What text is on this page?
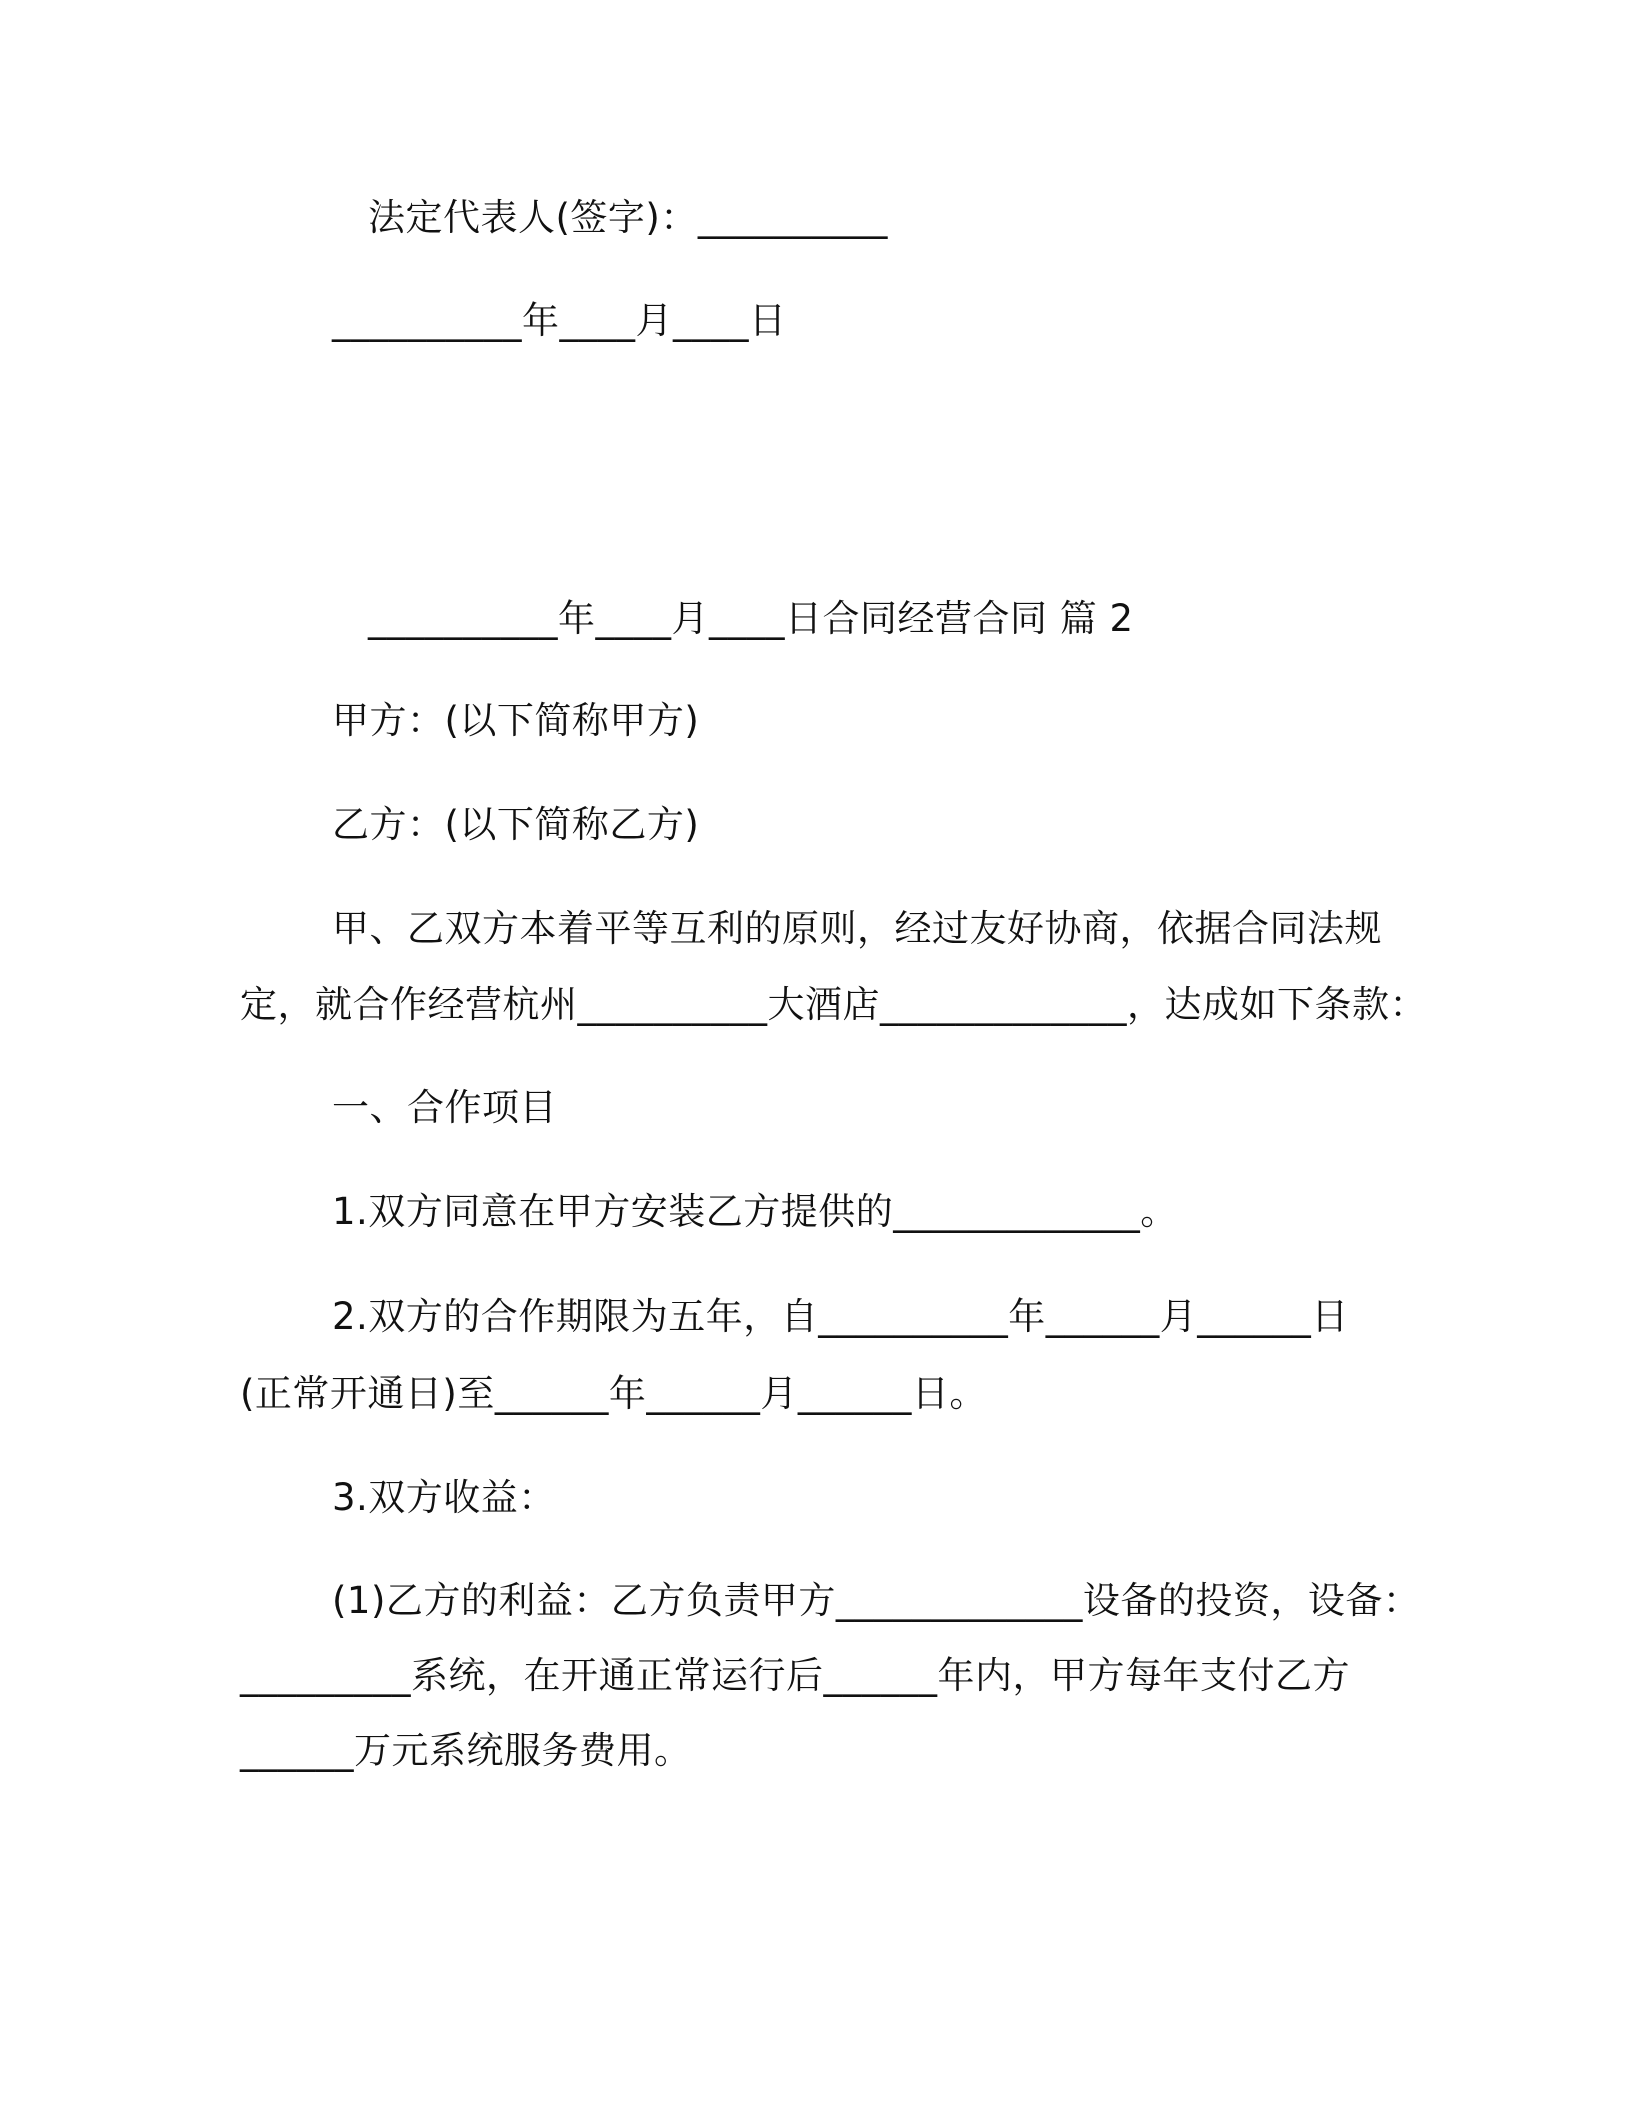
法定代表人(签字)：__________
__________年____月____日
__________年____月____日合同经营合同 篇 2
甲方：(以下简称甲方)
乙方：(以下简称乙方)
甲、乙双方本着平等互利的原则，经过友好协商，依据合同法规
定，就合作经营杭州__________大酒店_____________，达成如下条款：
一、合作项目
1.双方同意在甲方安装乙方提供的_____________。
2.双方的合作期限为五年，自__________年______月______日
(正常开通日)至______年______月______日。
3.双方收益：
(1)乙方的利益：乙方负责甲方_____________设备的投资，设备：
_________系统，在开通正常运行后______年内，甲方每年支付乙方
______万元系统服务费用。
